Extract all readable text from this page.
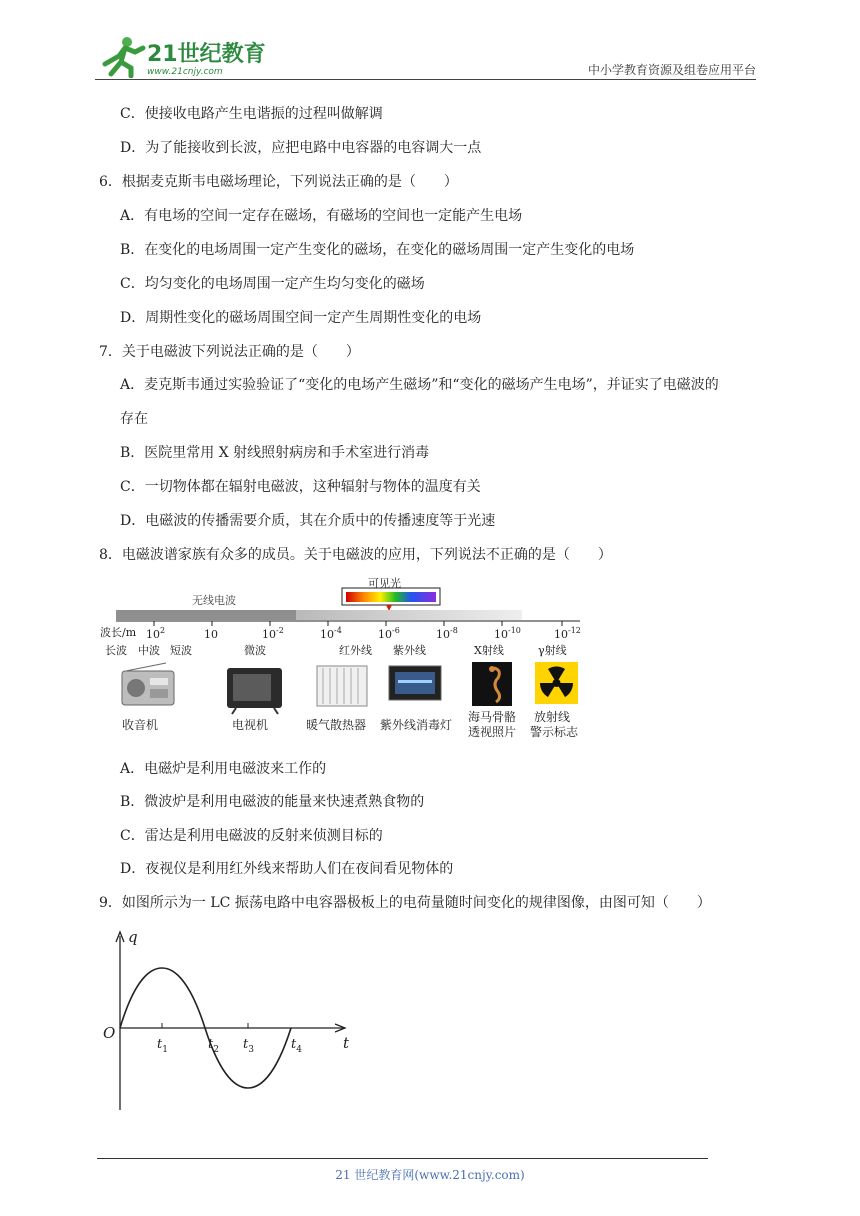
21世纪教育
www.21cnjy.com	中小学教育资源及组卷应用平台
C．使接收电路产生电谐振的过程叫做解调
D．为了能接收到长波，应把电路中电容器的电容调大一点
6．根据麦克斯韦电磁场理论，下列说法正确的是（　　）
A．有电场的空间一定存在磁场，有磁场的空间也一定能产生电场
B．在变化的电场周围一定产生变化的磁场，在变化的磁场周围一定产生变化的电场
C．均匀变化的电场周围一定产生均匀变化的磁场
D．周期性变化的磁场周围空间一定产生周期性变化的电场
7．关于电磁波下列说法正确的是（　　）
A．麦克斯韦通过实验验证了“变化的电场产生磁场”和“变化的磁场产生电场”，并证实了电磁波的
存在
B．医院里常用 X 射线照射病房和手术室进行消毒
C．一切物体都在辐射电磁波，这种辐射与物体的温度有关
D．电磁波的传播需要介质，其在介质中的传播速度等于光速
8．电磁波谱家族有众多的成员。关于电磁波的应用，下列说法不正确的是（　　）
可见光
无线电波
波长/m $10^2$	10	$10^{-2}$	$10^{-4}$	$10^{-6}$	$10^{-8}$	$10^{-10}$	$10^{-12}$
长波 中波 短波	微波	红外线 紫外线	X射线	γ射线
收音机	电视机	暖气散热器 紫外线消毒灯
海马骨骼
透视照片
放射线
警示标志
A．电磁炉是利用电磁波来工作的
B．微波炉是利用电磁波的能量来快速煮熟食物的
C．雷达是利用电磁波的反射来侦测目标的
D．夜视仪是利用红外线来帮助人们在夜间看见物体的
9．如图所示为一 LC 振荡电路中电容器极板上的电荷量随时间变化的规律图像，由图可知（　　）
q
t
O
$t_1$	$t_2$ $t_3$	$t_4$
21 世纪教育网(www.21cnjy.com)
